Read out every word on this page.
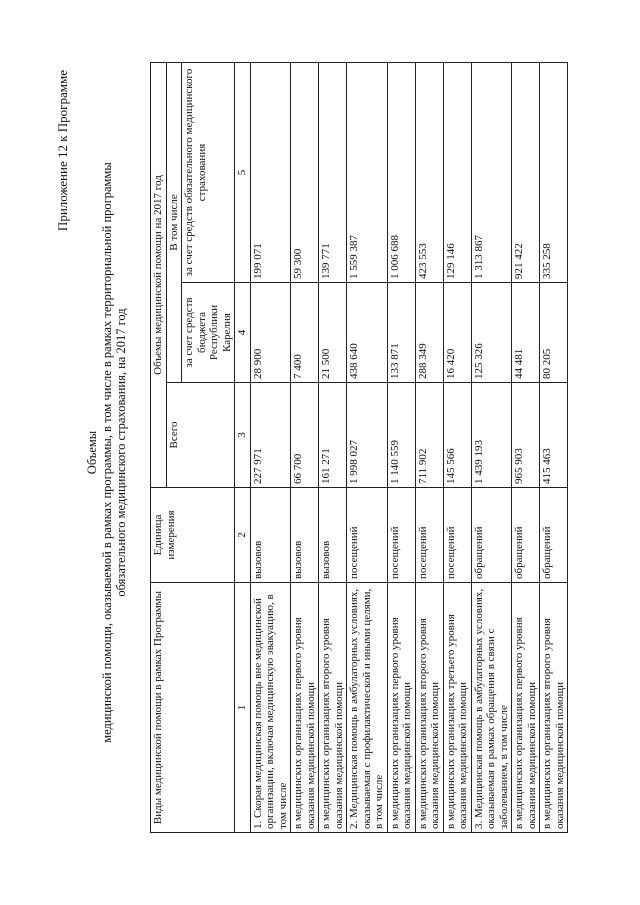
Приложение 12 к Программе
Объемы медицинской помощи, оказываемой в рамках программы, в том числе в рамках территориальной программы обязательного медицинского страхования, на 2017 год
Виды медицинской помощи в рамках Программы	Единица измерения	Объемы медицинской помощи на 2017 год		
		Всего	В том числе	
			за счет средств бюджета Республики Карелия	за счет средств обязательного медицинского страхования
1	2	3	4	5
1. Скорая медицинская помощь вне медицинской организации, включая медицинскую эвакуацию, в том числе	вызовов	227 971	28 900	199 071
в медицинских организациях первого уровня оказания медицинской помощи	вызовов	66 700	7 400	59 300
в медицинских организациях второго уровня оказания медицинской помощи	вызовов	161 271	21 500	139 771
2. Медицинская помощь в амбулаторных условиях, оказываемая с профилактической и иными целями, в том числе	посещений	1 998 027	438 640	1 559 387
в медицинских организациях первого уровня оказания медицинской помощи	посещений	1 140 559	133 871	1 006 688
в медицинских организациях второго уровня оказания медицинской помощи	посещений	711 902	288 349	423 553
в медицинских организациях третьего уровня оказания медицинской помощи	посещений	145 566	16 420	129 146
3. Медицинская помощь в амбулаторных условиях, оказываемая в рамках обращения в связи с заболеванием, в том числе	обращений	1 439 193	125 326	1 313 867
в медицинских организациях первого уровня оказания медицинской помощи	обращений	965 903	44 481	921 422
в медицинских организациях второго уровня оказания медицинской помощи	обращений	415 463	80 205	335 258
